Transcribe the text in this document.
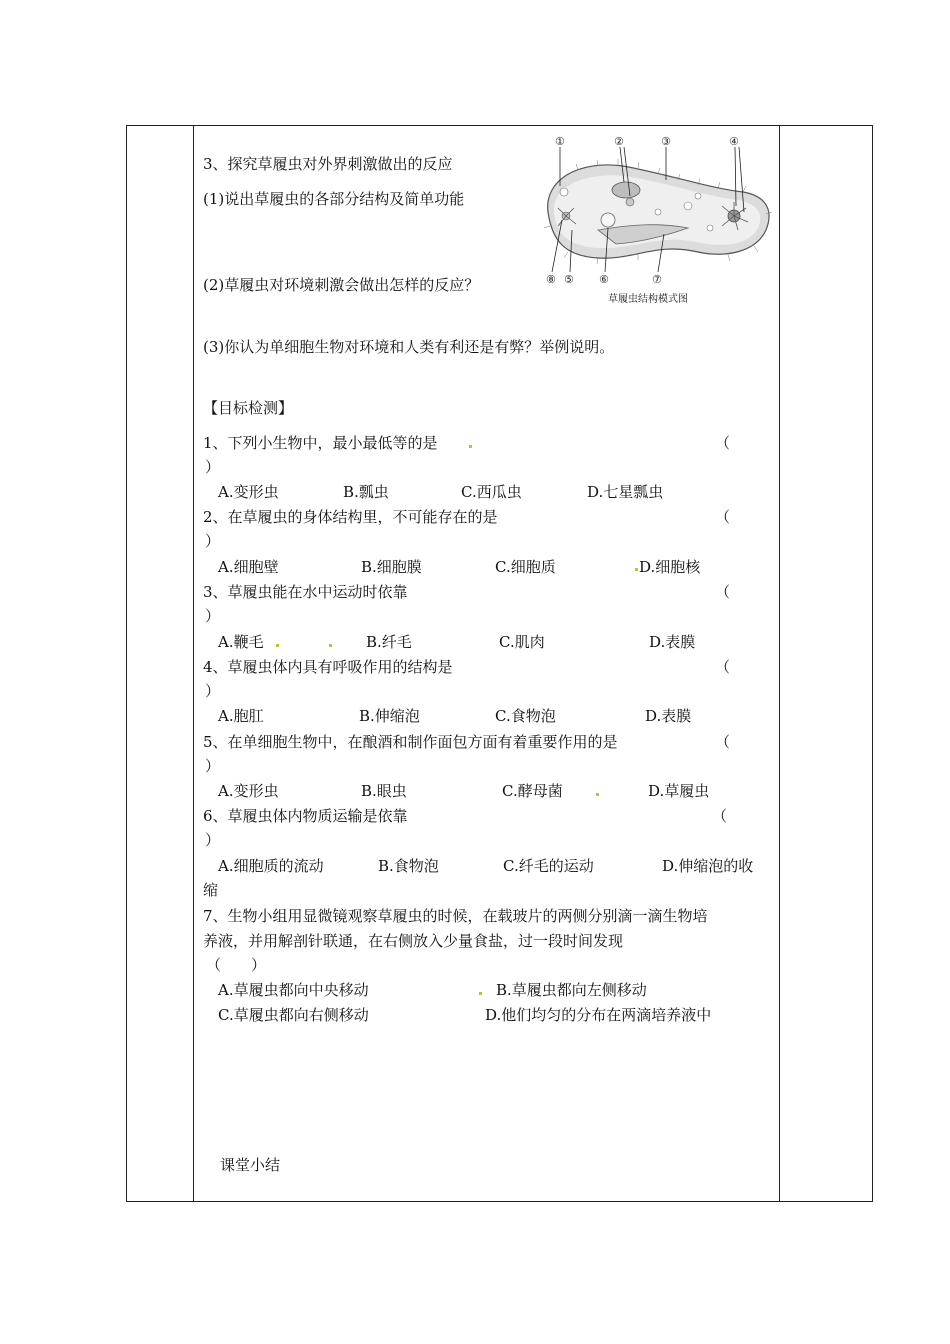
3、探究草履虫对外界刺激做出的反应
(1)说出草履虫的各部分结构及简单功能
(2)草履虫对环境刺激会做出怎样的反应？
(3)你认为单细胞生物对环境和人类有利还是有弊？举例说明。
①	②	③	④
⑧ ⑤ ⑥	⑦
草履虫结构模式图
【目标检测】
1、下列小生物中，最小最低等的是	（
）
A.变形虫	B.瓢虫	C.西瓜虫	D.七星瓢虫
2、在草履虫的身体结构里，不可能存在的是	（
）
A.细胞壁	B.细胞膜	C.细胞质	D.细胞核
3、草履虫能在水中运动时依靠	（
）
A.鞭毛	B.纤毛	C.肌肉	D.表膜
4、草履虫体内具有呼吸作用的结构是	（
）
A.胞肛	B.伸缩泡	C.食物泡	D.表膜
5、在单细胞生物中，在酿酒和制作面包方面有着重要作用的是	（
）
A.变形虫	B.眼虫	C.酵母菌	D.草履虫
6、草履虫体内物质运输是依靠	（
）
A.细胞质的流动	B.食物泡	C.纤毛的运动	D.伸缩泡的收
缩
7、生物小组用显微镜观察草履虫的时候，在载玻片的两侧分别滴一滴生物培
养液，并用解剖针联通，在右侧放入少量食盐，过一段时间发现
（　　）
A.草履虫都向中央移动	B.草履虫都向左侧移动
C.草履虫都向右侧移动	D.他们均匀的分布在两滴培养液中
课堂小结
